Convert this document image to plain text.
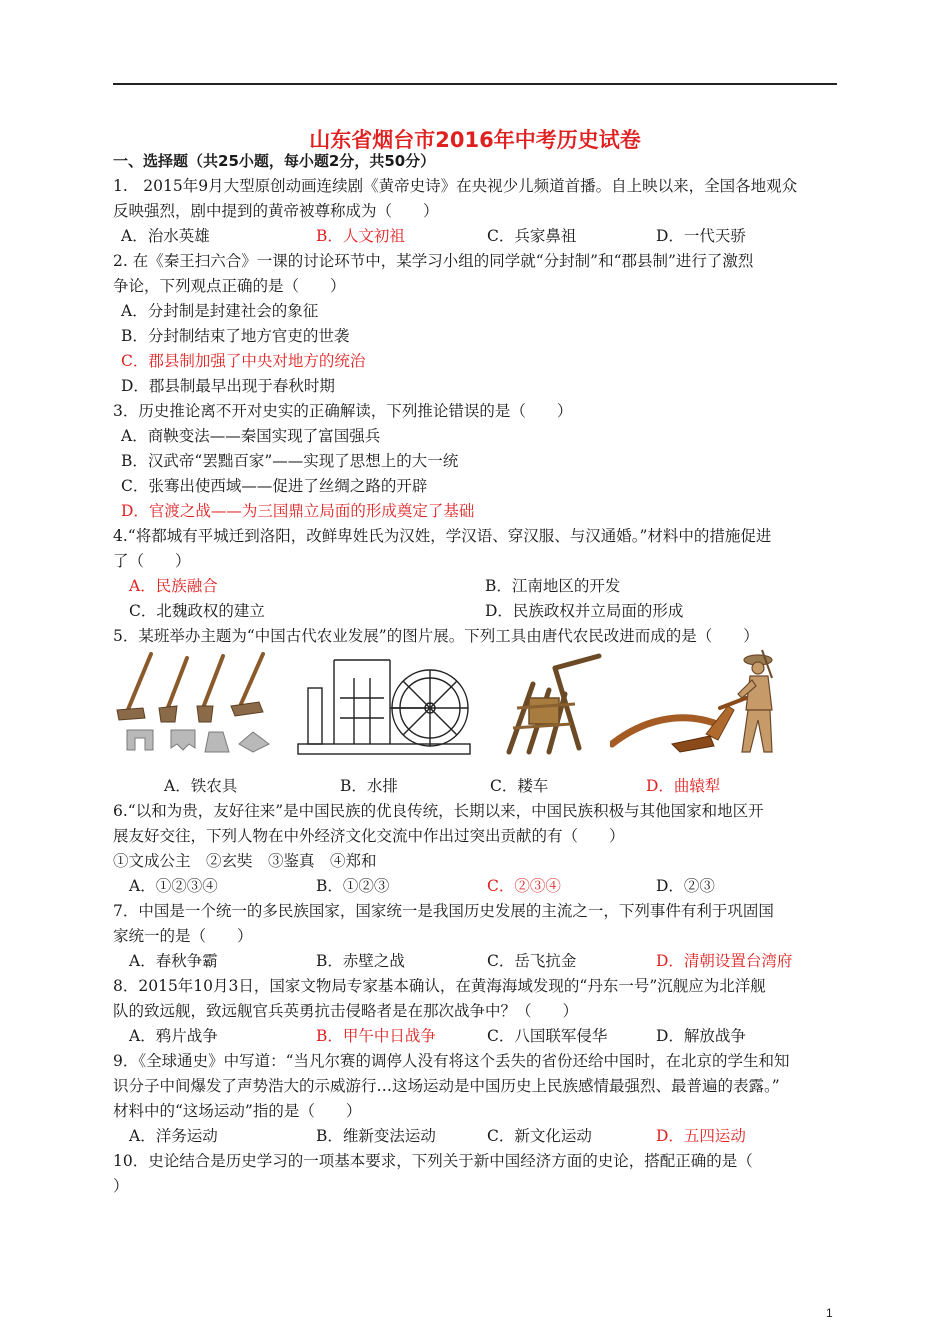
山东省烟台市2016年中考历史试卷
一、选择题（共25小题，每小题2分，共50分）
1.　2015年9月大型原创动画连续剧《黄帝史诗》在央视少儿频道首播。自上映以来，全国各地观众
反映强烈，剧中提到的黄帝被尊称成为（　　）
A．治水英雄	B．人文初祖	C．兵家鼻祖	D．一代天骄
2. 在《秦王扫六合》一课的讨论环节中，某学习小组的同学就“分封制”和“郡县制”进行了激烈
争论，下列观点正确的是（　　）
A．分封制是封建社会的象征
B．分封制结束了地方官吏的世袭
C．郡县制加强了中央对地方的统治
D．郡县制最早出现于春秋时期
3．历史推论离不开对史实的正确解读，下列推论错误的是（　　）
A．商鞅变法——秦国实现了富国强兵
B．汉武帝“罢黜百家”——实现了思想上的大一统
C．张骞出使西域——促进了丝绸之路的开辟
D．官渡之战——为三国鼎立局面的形成奠定了基础
4.“将都城有平城迁到洛阳，改鲜卑姓氏为汉姓，学汉语、穿汉服、与汉通婚。”材料中的措施促进
了（　　）
A．民族融合	B．江南地区的开发
C．北魏政权的建立	D．民族政权并立局面的形成
5．某班举办主题为“中国古代农业发展”的图片展。下列工具由唐代农民改进而成的是（　　）
A．铁农具	B．水排	C．耧车	D．曲辕犁
6.“以和为贵，友好往来”是中国民族的优良传统，长期以来，中国民族积极与其他国家和地区开
展友好交往，下列人物在中外经济文化交流中作出过突出贡献的有（　　）
①文成公主　②玄奘　③鉴真　④郑和
A．①②③④	B．①②③	C．②③④	D．②③
7．中国是一个统一的多民族国家，国家统一是我国历史发展的主流之一，下列事件有利于巩固国
家统一的是（　　）
A．春秋争霸	B．赤壁之战	C．岳飞抗金	D．清朝设置台湾府
8．2015年10月3日，国家文物局专家基本确认，在黄海海域发现的“丹东一号”沉舰应为北洋舰
队的致远舰，致远舰官兵英勇抗击侵略者是在那次战争中？（　　）
A．鸦片战争	B．甲午中日战争	C．八国联军侵华	D．解放战争
9．《全球通史》中写道：“当凡尔赛的调停人没有将这个丢失的省份还给中国时，在北京的学生和知
识分子中间爆发了声势浩大的示威游行…这场运动是中国历史上民族感情最强烈、最普遍的表露。”
材料中的“这场运动”指的是（　　）
A．洋务运动	B．维新变法运动	C．新文化运动	D．五四运动
10．史论结合是历史学习的一项基本要求，下列关于新中国经济方面的史论，搭配正确的是（
）
1
